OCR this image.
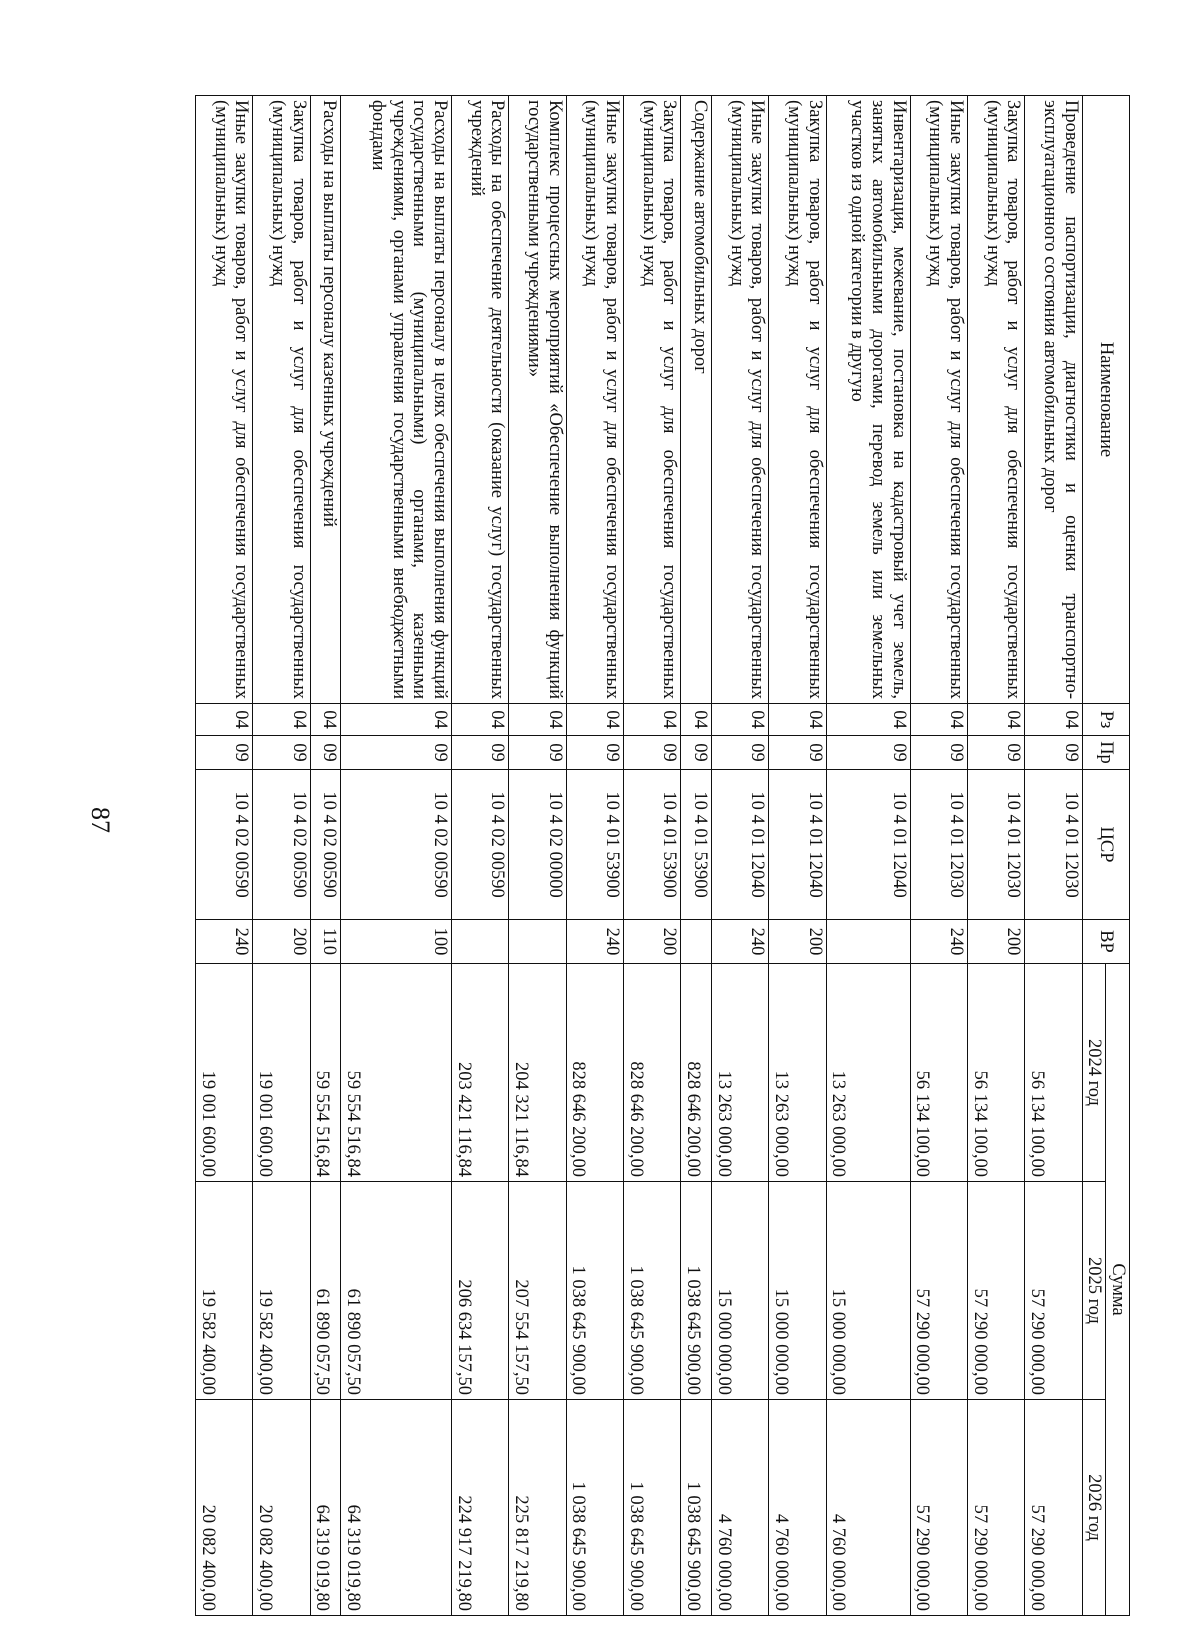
87
Наименование	Рз	Пр	ЦСР	ВР	Сумма		
					2024 год	2025 год	2026 год
Проведение паспортизации, диагностики и оценки транспортно-эксплуатационного состояния автомобильных дорог	04	09	10 4 01 12030		56 134 100,00	57 290 000,00	57 290 000,00
Закупка товаров, работ и услуг для обеспечения государственных (муниципальных) нужд	04	09	10 4 01 12030	200	56 134 100,00	57 290 000,00	57 290 000,00
Иные закупки товаров, работ и услуг для обеспечения государственных (муниципальных) нужд	04	09	10 4 01 12030	240	56 134 100,00	57 290 000,00	57 290 000,00
Инвентаризация, межевание, постановка на кадастровый учет земель, занятых автомобильными дорогами, перевод земель или земельных участков из одной категории в другую	04	09	10 4 01 12040		13 263 000,00	15 000 000,00	4 760 000,00
Закупка товаров, работ и услуг для обеспечения государственных (муниципальных) нужд	04	09	10 4 01 12040	200	13 263 000,00	15 000 000,00	4 760 000,00
Иные закупки товаров, работ и услуг для обеспечения государственных (муниципальных) нужд	04	09	10 4 01 12040	240	13 263 000,00	15 000 000,00	4 760 000,00
Содержание автомобильных дорог	04	09	10 4 01 53900		828 646 200,00	1 038 645 900,00	1 038 645 900,00
Закупка товаров, работ и услуг для обеспечения государственных (муниципальных) нужд	04	09	10 4 01 53900	200	828 646 200,00	1 038 645 900,00	1 038 645 900,00
Иные закупки товаров, работ и услуг для обеспечения государственных (муниципальных) нужд	04	09	10 4 01 53900	240	828 646 200,00	1 038 645 900,00	1 038 645 900,00
Комплекс процессных мероприятий «Обеспечение выполнения функций государственными учреждениями»	04	09	10 4 02 00000		204 321 116,84	207 554 157,50	225 817 219,80
Расходы на обеспечение деятельности (оказание услуг) государственных учреждений	04	09	10 4 02 00590		203 421 116,84	206 634 157,50	224 917 219,80
Расходы на выплаты персоналу в целях обеспечения выполнения функций государственными (муниципальными) органами, казенными учреждениями, органами управления государственными внебюджетными фондами	04	09	10 4 02 00590	100	59 554 516,84	61 890 057,50	64 319 019,80
Расходы на выплаты персоналу казенных учреждений	04	09	10 4 02 00590	110	59 554 516,84	61 890 057,50	64 319 019,80
Закупка товаров, работ и услуг для обеспечения государственных (муниципальных) нужд	04	09	10 4 02 00590	200	19 001 600,00	19 582 400,00	20 082 400,00
Иные закупки товаров, работ и услуг для обеспечения государственных (муниципальных) нужд	04	09	10 4 02 00590	240	19 001 600,00	19 582 400,00	20 082 400,00
